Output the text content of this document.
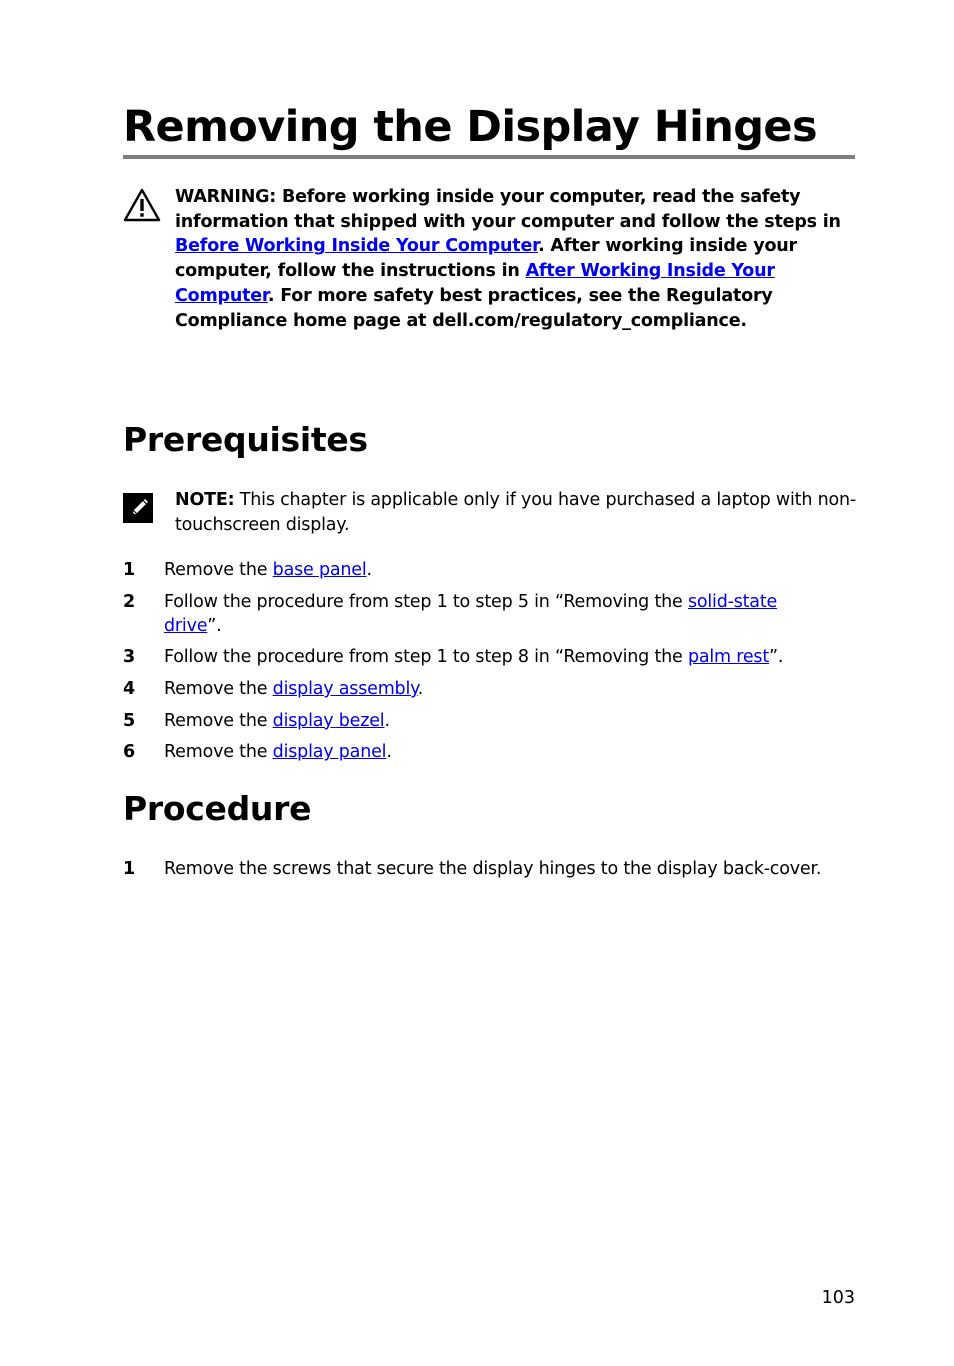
Removing the Display Hinges
WARNING: Before working inside your computer, read the safety information that shipped with your computer and follow the steps in Before Working Inside Your Computer. After working inside your computer, follow the instructions in After Working Inside Your Computer. For more safety best practices, see the Regulatory Compliance home page at dell.com/regulatory_compliance.
Prerequisites
NOTE: This chapter is applicable only if you have purchased a laptop with non-touchscreen display.
1 Remove the base panel.
2 Follow the procedure from step 1 to step 5 in “Removing the solid-state drive”.
3 Follow the procedure from step 1 to step 8 in “Removing the palm rest”.
4 Remove the display assembly.
5 Remove the display bezel.
6 Remove the display panel.
Procedure
1 Remove the screws that secure the display hinges to the display back-cover.
103
